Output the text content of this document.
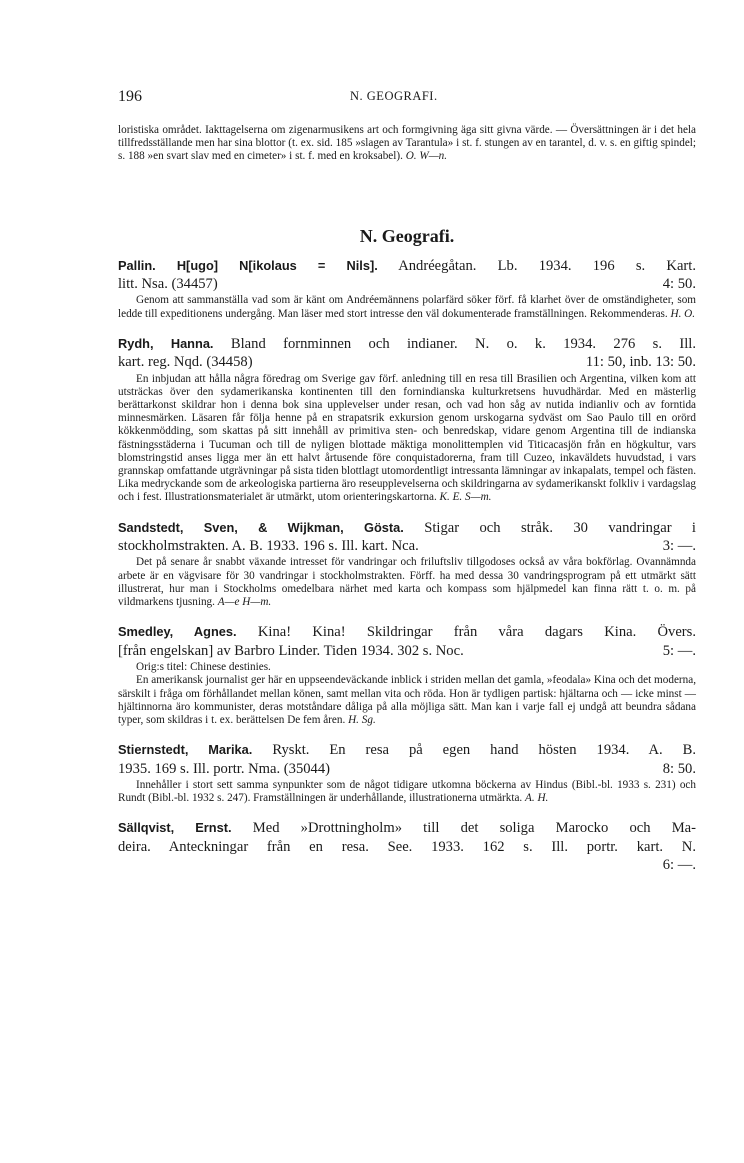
196	N. GEOGRAFI.
loristiska området. Iakttagelserna om zigenarmusikens art och formgivning äga sitt givna värde. — Översättningen är i det hela tillfredsställande men har sina blottor (t. ex. sid. 185 »slagen av Tarantula» i st. f. stungen av en tarantel, d. v. s. en giftig spindel; s. 188 »en svart slav med en cimeter» i st. f. med en kroksabel). O. W—n.
N. Geografi.
Pallin. H[ugo] N[ikolaus = Nils]. Andréegåtan. Lb. 1934. 196 s. Kart.
litt. Nsa. (34457)	4: 50.

Genom att sammanställa vad som är känt om Andréemännens polarfärd söker förf. få klarhet över de omständigheter, som ledde till expeditionens undergång. Man läser med stort intresse den väl dokumenterade framställningen. Rekommenderas. H. O.

Rydh, Hanna. Bland fornminnen och indianer. N. o. k. 1934. 276 s. Ill.
kart. reg. Nqd. (34458)	11: 50, inb. 13: 50.

En inbjudan att hålla några föredrag om Sverige gav förf. anledning till en resa till Brasilien och Argentina, vilken kom att utsträckas över den sydamerikanska kontinenten till den fornindianska kulturkretsens huvudhärdar. Med en mästerlig berättarkonst skildrar hon i denna bok sina upplevelser under resan, och vad hon såg av nutida indianliv och av forntida minnesmärken. Läsaren får följa henne på en strapatsrik exkursion genom urskogarna sydväst om Sao Paulo till en orörd kökkenmödding, som skattas på sitt innehåll av primitiva sten- och benredskap, vidare genom Argentina till de indianska fästningsstäderna i Tucuman och till de nyligen blottade mäktiga monolittemplen vid Titicacasjön från en högkultur, vars blomstringstid anses ligga mer än ett halvt årtusende före conquistadorerna, fram till Cuzeo, inkaväldets huvudstad, i vars grannskap omfattande utgrävningar på sista tiden blottlagt utomordentligt intressanta lämningar av inkapalats, tempel och fästen. Lika medryckande som de arkeologiska partierna äro reseupplevelserna och skildringarna av sydamerikanskt folkliv i vardagslag och i fest. Illustrationsmaterialet är utmärkt, utom orienteringskartorna. K. E. S—m.

Sandstedt, Sven, & Wijkman, Gösta. Stigar och stråk. 30 vandringar i
stockholmstrakten. A. B. 1933. 196 s. Ill. kart. Nca.	3: —.

Det på senare år snabbt växande intresset för vandringar och friluftsliv tillgodoses också av våra bokförlag. Ovannämnda arbete är en vägvisare för 30 vandringar i stockholmstrakten. Förff. ha med dessa 30 vandringsprogram på ett utmärkt sätt illustrerat, hur man i Stockholms omedelbara närhet med karta och kompass som hjälpmedel kan finna rätt t. o. m. på vildmarkens tjusning. A—e H—m.

Smedley, Agnes. Kina! Kina! Skildringar från våra dagars Kina. Övers.
[från engelskan] av Barbro Linder. Tiden 1934. 302 s. Noc.	5: —.

Orig:s titel: Chinese destinies.

En amerikansk journalist ger här en uppseendeväckande inblick i striden mellan det gamla, »feodala» Kina och det moderna, särskilt i fråga om förhållandet mellan könen, samt mellan vita och röda. Hon är tydligen partisk: hjältarna och — icke minst — hjältinnorna äro kommunister, deras motståndare dåliga på alla möjliga sätt. Man kan i varje fall ej undgå att beundra sådana typer, som skildras i t. ex. berättelsen De fem åren. H. Sg.

Stiernstedt, Marika. Ryskt. En resa på egen hand hösten 1934. A. B.
1935. 169 s. Ill. portr. Nma. (35044)	8: 50.

Innehåller i stort sett samma synpunkter som de något tidigare utkomna böckerna av Hindus (Bibl.-bl. 1933 s. 231) och Rundt (Bibl.-bl. 1932 s. 247). Framställningen är underhållande, illustrationerna utmärkta. A. H.

Sällqvist, Ernst. Med »Drottningholm» till det soliga Marocko och Ma-
deira. Anteckningar från en resa. See. 1933. 162 s. Ill. portr. kart. N.
6: —.
